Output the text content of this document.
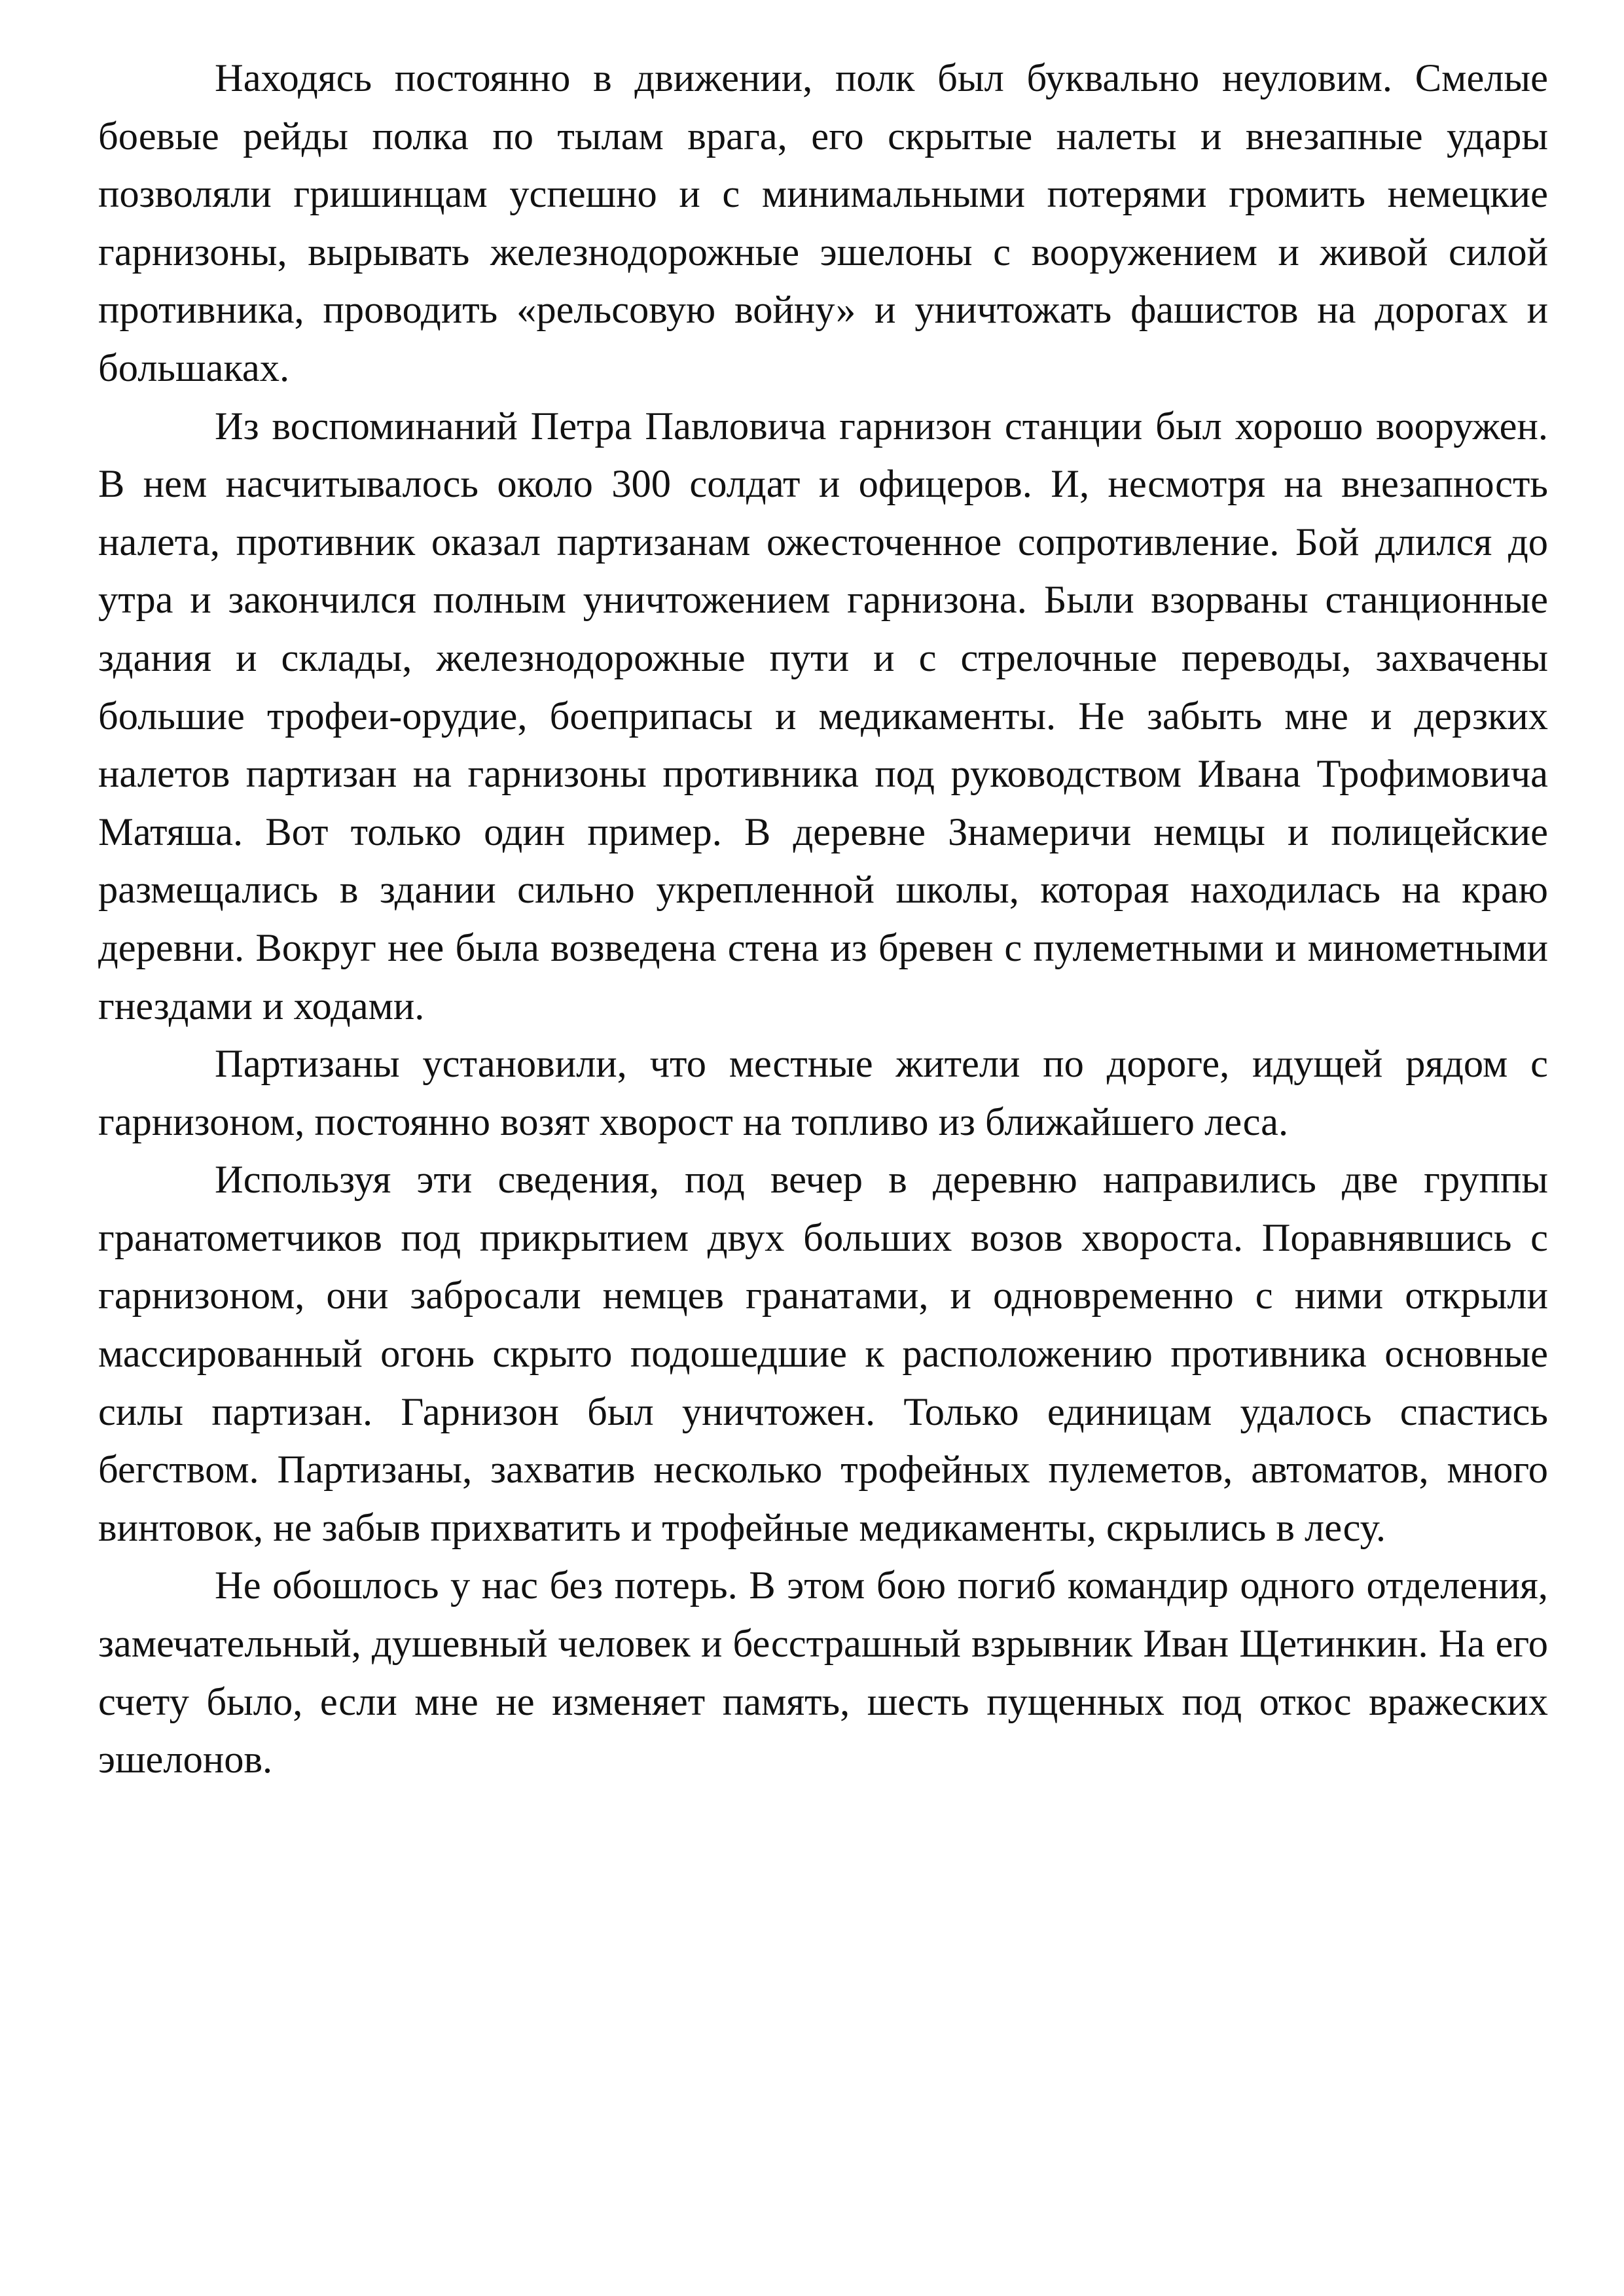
Находясь постоянно в движении, полк был буквально неуловим. Смелые боевые рейды полка по тылам врага, его скрытые налеты и внезапные удары позволяли гришинцам успешно и с минимальными потерями громить немецкие гарнизоны, вырывать железнодорожные эшелоны с вооружением и живой силой противника, проводить «рельсовую войну» и уничтожать фашистов на дорогах и большаках.

Из воспоминаний Петра Павловича гарнизон станции был хорошо вооружен. В нем насчитывалось около 300 солдат и офицеров. И, несмотря на внезапность налета, противник оказал партизанам ожесточенное сопротивление. Бой длился до утра и закончился полным уничтожением гарнизона. Были взорваны станционные здания и склады, железнодорожные пути и с стрелочные переводы, захвачены большие трофеи-орудие, боеприпасы и медикаменты. Не забыть мне и дерзких налетов партизан на гарнизоны противника под руководством Ивана Трофимовича Матяша. Вот только один пример. В деревне Знамеричи немцы и полицейские размещались в здании сильно укрепленной школы, которая находилась на краю деревни. Вокруг нее была возведена стена из бревен с пулеметными и минометными гнездами и ходами.

Партизаны установили, что местные жители по дороге, идущей рядом с гарнизоном, постоянно возят хворост на топливо из ближайшего леса.

Используя эти сведения, под вечер в деревню направились две группы гранатометчиков под прикрытием двух больших возов хвороста. Поравнявшись с гарнизоном, они забросали немцев гранатами, и одновременно с ними открыли массированный огонь скрыто подошедшие к расположению противника основные силы партизан. Гарнизон был уничтожен. Только единицам удалось спастись бегством. Партизаны, захватив несколько трофейных пулеметов, автоматов, много винтовок, не забыв прихватить и трофейные медикаменты, скрылись в лесу.

Не обошлось у нас без потерь. В этом бою погиб командир одного отделения, замечательный, душевный человек и бесстрашный взрывник Иван Щетинкин. На его счету было, если мне не изменяет память, шесть пущенных под откос вражеских эшелонов.
